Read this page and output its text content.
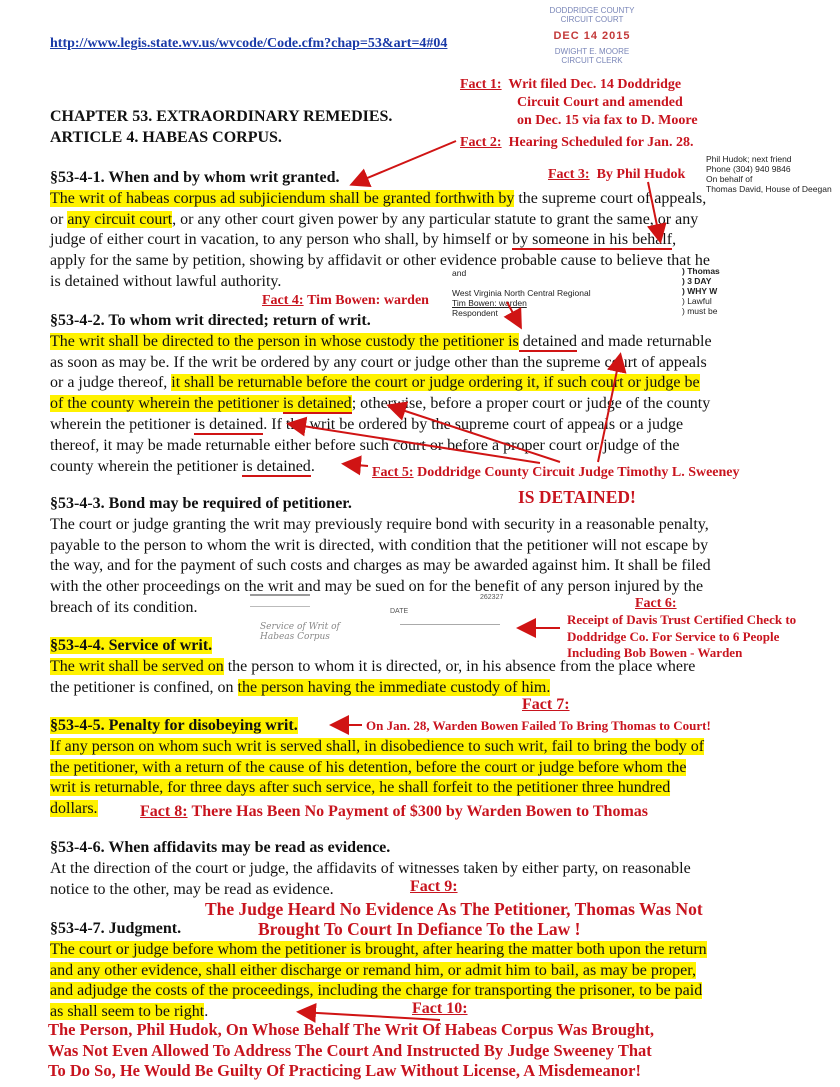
http://www.legis.state.wv.us/wvcode/Code.cfm?chap=53&art=4#04
DODDRIDGE COUNTY
CIRCUIT COURT
DEC 14 2015
DWIGHT E. MOORE
CIRCUIT CLERK
CHAPTER 53. EXTRAORDINARY REMEDIES.
ARTICLE 4. HABEAS CORPUS.
Fact 1: Writ filed Dec. 14 Doddridge
Circuit Court and amended
on Dec. 15 via fax to D. Moore
Fact 2: Hearing Scheduled for Jan. 28.
Phil Hudok; next friend
Phone (304) 940 9846
On behalf of
Thomas David, House of Deegan
Fact 3: By Phil Hudok
§53-4-1. When and by whom writ granted.
The writ of habeas corpus ad subjiciendum shall be granted forthwith by the supreme court of appeals,
or any circuit court, or any other court given power by any particular statute to grant the same, or any
judge of either court in vacation, to any person who shall, by himself or by someone in his behalf,
apply for the same by petition, showing by affidavit or other evidence probable cause to believe that he
is detained without lawful authority.	and
West Virginia North Central Regional
Tim Bowen: warden
Respondent
) Thomas
) 3 DAY
) WHY W
) Lawful
) must be
Fact 4: Tim Bowen: warden
§53-4-2. To whom writ directed; return of writ.
The writ shall be directed to the person in whose custody the petitioner is detained and made returnable
as soon as may be. If the writ be ordered by any court or judge other than the supreme court of appeals
or a judge thereof, it shall be returnable before the court or judge ordering it, if such court or judge be
of the county wherein the petitioner is detained; otherwise, before a proper court or judge of the county
wherein the petitioner is detained. If the writ be ordered by the supreme court of appeals or a judge
thereof, it may be made returnable either before such court or before a proper court or judge of the
county wherein the petitioner is detained.	Fact 5: Doddridge County Circuit Judge Timothy L. Sweeney
IS DETAINED!
§53-4-3. Bond may be required of petitioner.
The court or judge granting the writ may previously require bond with security in a reasonable penalty,
payable to the person to whom the writ is directed, with condition that the petitioner will not escape by
the way, and for the payment of such costs and charges as may be awarded against him. It shall be filed
with the other proceedings on the writ and may be sued on for the benefit of any person injured by the
breach of its condition.
262327
DATE
Service of Writ of Habeas Corpus
Fact 6:
Receipt of Davis Trust Certified Check to
Doddridge Co. For Service to 6 People
Including Bob Bowen - Warden
§53-4-4. Service of writ.
The writ shall be served on the person to whom it is directed, or, in his absence from the place where
the petitioner is confined, on the person having the immediate custody of him.
Fact 7:
On Jan. 28, Warden Bowen Failed To Bring Thomas to Court!
§53-4-5. Penalty for disobeying writ.
If any person on whom such writ is served shall, in disobedience to such writ, fail to bring the body of
the petitioner, with a return of the cause of his detention, before the court or judge before whom the
writ is returnable, for three days after such service, he shall forfeit to the petitioner three hundred
dollars.	Fact 8: There Has Been No Payment of $300 by Warden Bowen to Thomas
§53-4-6. When affidavits may be read as evidence.
At the direction of the court or judge, the affidavits of witnesses taken by either party, on reasonable
notice to the other, may be read as evidence.	Fact 9:
The Judge Heard No Evidence As The Petitioner, Thomas Was Not
Brought To Court In Defiance To the Law !
§53-4-7. Judgment.
The court or judge before whom the petitioner is brought, after hearing the matter both upon the return
and any other evidence, shall either discharge or remand him, or admit him to bail, as may be proper,
and adjudge the costs of the proceedings, including the charge for transporting the prisoner, to be paid
as shall seem to be right.	Fact 10:
The Person, Phil Hudok, On Whose Behalf The Writ Of Habeas Corpus Was Brought,
Was Not Even Allowed To Address The Court And Instructed By Judge Sweeney That
To Do So, He Would Be Guilty Of Practicing Law Without License, A Misdemeanor!
